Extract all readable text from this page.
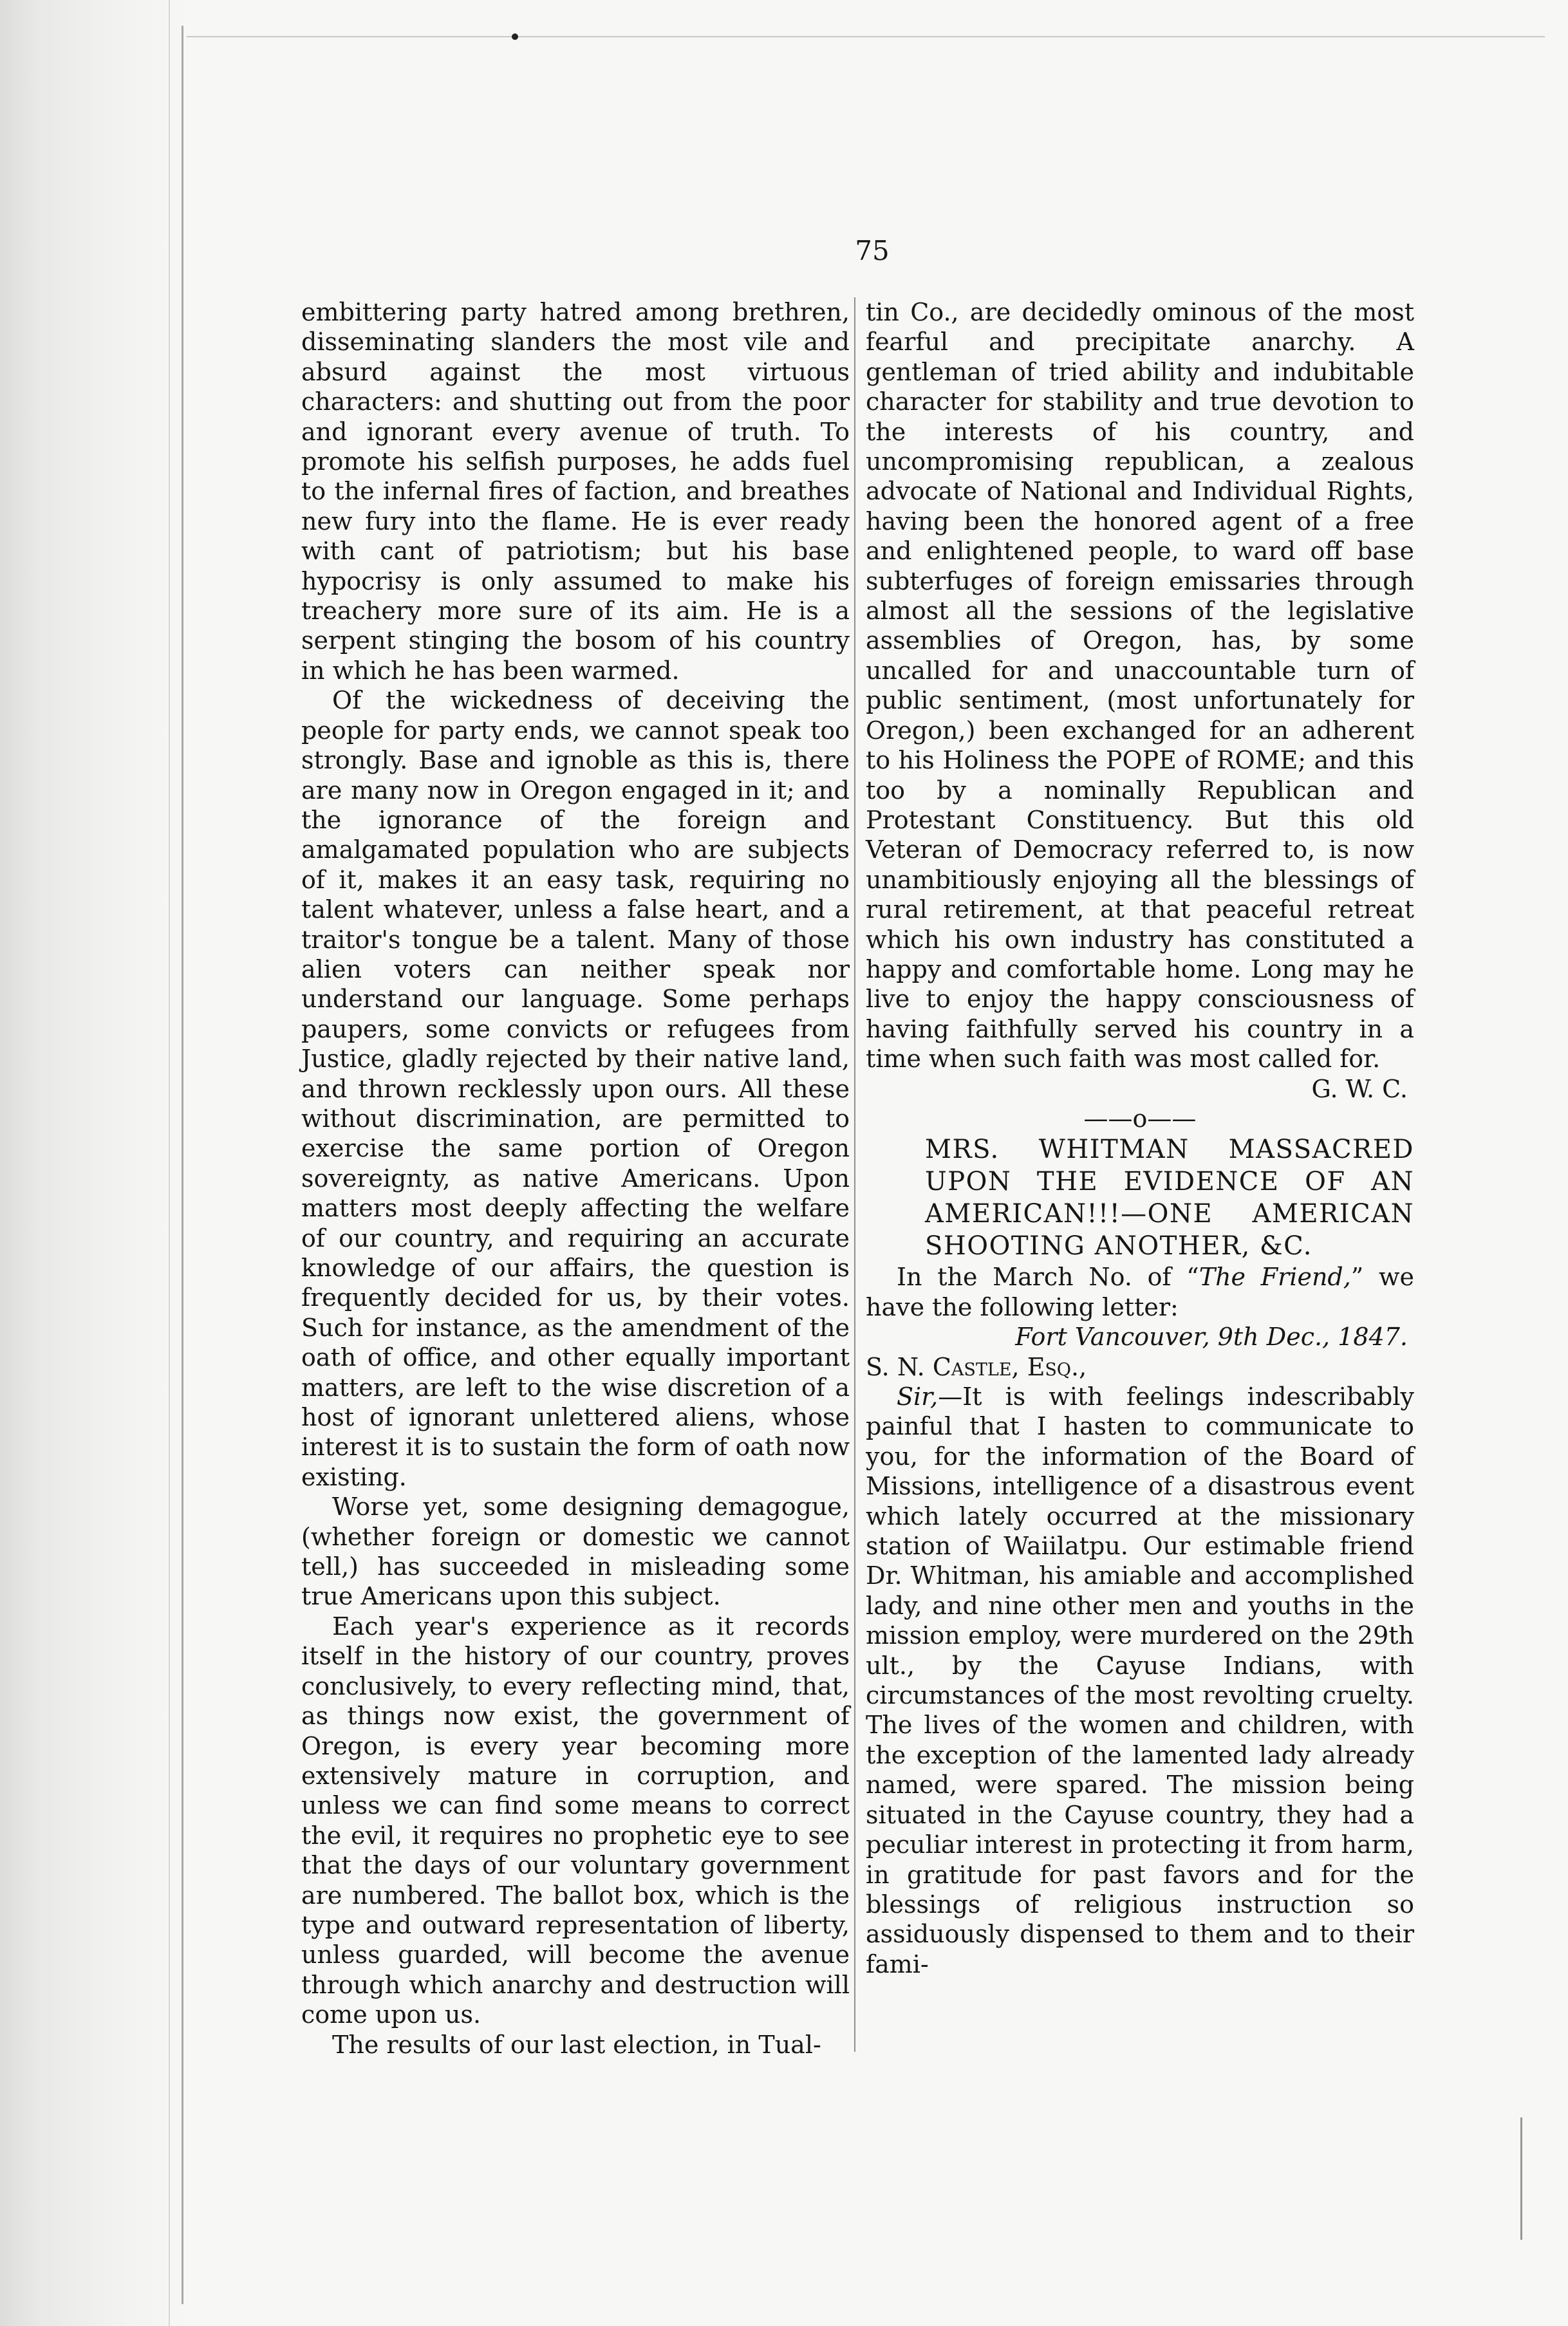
75

embittering party hatred among brethren, disseminating slanders the most vile and absurd against the most virtuous characters: and shutting out from the poor and ignorant every avenue of truth. To promote his selfish purposes, he adds fuel to the infernal fires of faction, and breathes new fury into the flame. He is ever ready with cant of patriotism; but his base hypocrisy is only assumed to make his treachery more sure of its aim. He is a serpent stinging the bosom of his country in which he has been warmed.

Of the wickedness of deceiving the people for party ends, we cannot speak too strongly. Base and ignoble as this is, there are many now in Oregon engaged in it; and the ignorance of the foreign and amalgamated population who are subjects of it, makes it an easy task, requiring no talent whatever, unless a false heart, and a traitor's tongue be a talent. Many of those alien voters can neither speak nor understand our language. Some perhaps paupers, some convicts or refugees from Justice, gladly rejected by their native land, and thrown recklessly upon ours. All these without discrimination, are permitted to exercise the same portion of Oregon sovereignty, as native Americans. Upon matters most deeply affecting the welfare of our country, and requiring an accurate knowledge of our affairs, the question is frequently decided for us, by their votes. Such for instance, as the amendment of the oath of office, and other equally important matters, are left to the wise discretion of a host of ignorant unlettered aliens, whose interest it is to sustain the form of oath now existing.

Worse yet, some designing demagogue, (whether foreign or domestic we cannot tell,) has succeeded in misleading some true Americans upon this subject.

Each year's experience as it records itself in the history of our country, proves conclusively, to every reflecting mind, that, as things now exist, the government of Oregon, is every year becoming more extensively mature in corruption, and unless we can find some means to correct the evil, it requires no prophetic eye to see that the days of our voluntary government are numbered. The ballot box, which is the type and outward representation of liberty, unless guarded, will become the avenue through which anarchy and destruction will come upon us.

The results of our last election, in Tual-

tin Co., are decidedly ominous of the most fearful and precipitate anarchy. A gentleman of tried ability and indubitable character for stability and true devotion to the interests of his country, and uncompromising republican, a zealous advocate of National and Individual Rights, having been the honored agent of a free and enlightened people, to ward off base subterfuges of foreign emissaries through almost all the sessions of the legislative assemblies of Oregon, has, by some uncalled for and unaccountable turn of public sentiment, (most unfortunately for Oregon,) been exchanged for an adherent to his Holiness the POPE of ROME; and this too by a nominally Republican and Protestant Constituency. But this old Veteran of Democracy referred to, is now unambitiously enjoying all the blessings of rural retirement, at that peaceful retreat which his own industry has constituted a happy and comfortable home. Long may he live to enjoy the happy consciousness of having faithfully served his country in a time when such faith was most called for.

G. W. C.

——o——

MRS. WHITMAN MASSACRED UPON THE EVIDENCE OF AN AMERICAN!!!—ONE AMERICAN SHOOTING ANOTHER, &C.

In the March No. of “The Friend,” we have the following letter:

Fort Vancouver, 9th Dec., 1847.

S. N. Castle, Esq.,

Sir,—It is with feelings indescribably painful that I hasten to communicate to you, for the information of the Board of Missions, intelligence of a disastrous event which lately occurred at the missionary station of Waiilatpu. Our estimable friend Dr. Whitman, his amiable and accomplished lady, and nine other men and youths in the mission employ, were murdered on the 29th ult., by the Cayuse Indians, with circumstances of the most revolting cruelty. The lives of the women and children, with the exception of the lamented lady already named, were spared. The mission being situated in the Cayuse country, they had a peculiar interest in protecting it from harm, in gratitude for past favors and for the blessings of religious instruction so assiduously dispensed to them and to their fami-
